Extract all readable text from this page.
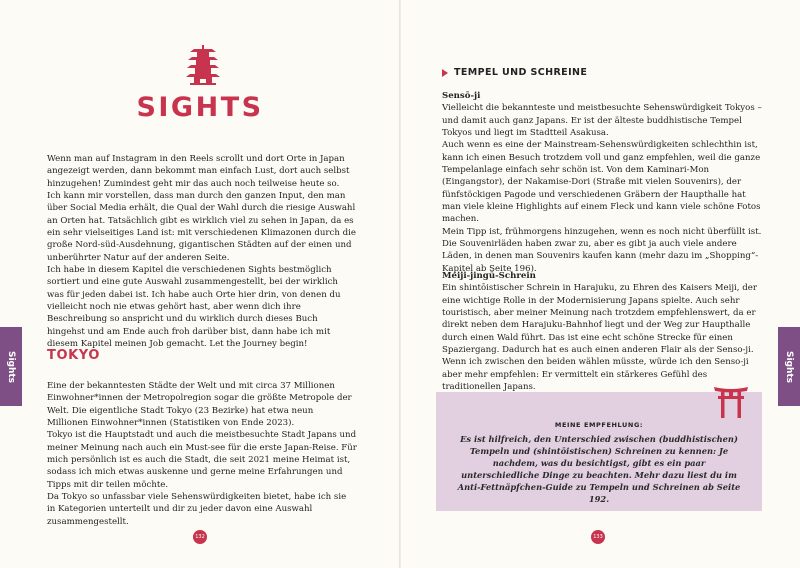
SIGHTS

Wenn man auf Instagram in den Reels scrollt und dort Orte in Japan angezeigt werden, dann bekommt man einfach Lust, dort auch selbst hinzugehen! Zumindest geht mir das auch noch teilweise heute so.

Ich kann mir vorstellen, dass man durch den ganzen Input, den man über Social Media erhält, die Qual der Wahl durch die riesige Auswahl an Orten hat. Tatsächlich gibt es wirklich viel zu sehen in Japan, da es ein sehr vielseitiges Land ist: mit verschiedenen Klimazonen durch die große Nord-süd-Ausdehnung, gigantischen Städten auf der einen und unberührter Natur auf der anderen Seite.

Ich habe in diesem Kapitel die verschiedenen Sights bestmöglich sortiert und eine gute Auswahl zusammengestellt, bei der wirklich was für jeden dabei ist. Ich habe auch Orte hier drin, von denen du vielleicht noch nie etwas gehört hast, aber wenn dich ihre Beschreibung so anspricht und du wirklich durch dieses Buch hingehst und am Ende auch froh darüber bist, dann habe ich mit diesem Kapitel meinen Job gemacht. Let the Journey begin!

TOKYO

Eine der bekanntesten Städte der Welt und mit circa 37 Millionen Einwohner*innen der Metropolregion sogar die größte Metropole der Welt. Die eigentliche Stadt Tokyo (23 Bezirke) hat etwa neun Millionen Einwohner*innen (Statistiken von Ende 2023).

Tokyo ist die Hauptstadt und auch die meistbesuchte Stadt Japans und meiner Meinung nach auch ein Must-see für die erste Japan-Reise. Für mich persönlich ist es auch die Stadt, die seit 2021 meine Heimat ist, sodass ich mich etwas auskenne und gerne meine Erfahrungen und Tipps mit dir teilen möchte.

Da Tokyo so unfassbar viele Sehenswürdigkeiten bietet, habe ich sie in Kategorien unterteilt und dir zu jeder davon eine Auswahl zusammengestellt.

Sights
132
TEMPEL UND SCHREINE

Sensō-ji

Vielleicht die bekannteste und meistbesuchte Sehenswürdigkeit Tokyos – und damit auch ganz Japans. Er ist der älteste buddhistische Tempel Tokyos und liegt im Stadtteil Asakusa.

Auch wenn es eine der Mainstream-Sehenswürdigkeiten schlechthin ist, kann ich einen Besuch trotzdem voll und ganz empfehlen, weil die ganze Tempelanlage einfach sehr schön ist. Von dem Kaminari-Mon (Eingangstor), der Nakamise-Dori (Straße mit vielen Souvenirs), der fünfstöckigen Pagode und verschiedenen Gräbern der Haupthalle hat man viele kleine Highlights auf einem Fleck und kann viele schöne Fotos machen.

Mein Tipp ist, frühmorgens hinzugehen, wenn es noch nicht überfüllt ist. Die Souvenirläden haben zwar zu, aber es gibt ja auch viele andere Läden, in denen man Souvenirs kaufen kann (mehr dazu im „Shopping“-Kapitel ab Seite 196).

Meiji-jingū-Schrein

Ein shintōistischer Schrein in Harajuku, zu Ehren des Kaisers Meiji, der eine wichtige Rolle in der Modernisierung Japans spielte. Auch sehr touristisch, aber meiner Meinung nach trotzdem empfehlenswert, da er direkt neben dem Harajuku-Bahnhof liegt und der Weg zur Haupthalle durch einen Wald führt. Das ist eine echt schöne Strecke für einen Spaziergang. Dadurch hat es auch einen anderen Flair als der Senso-ji. Wenn ich zwischen den beiden wählen müsste, würde ich den Senso-ji aber mehr empfehlen: Er vermittelt ein stärkeres Gefühl des traditionellen Japans.

MEINE EMPFEHLUNG:

Es ist hilfreich, den Unterschied zwischen (buddhistischen) Tempeln und (shintōistischen) Schreinen zu kennen: Je nachdem, was du besichtigst, gibt es ein paar unterschiedliche Dinge zu beachten. Mehr dazu liest du im Anti-Fettnäpfchen-Guide zu Tempeln und Schreinen ab Seite 192.

Sights
133
